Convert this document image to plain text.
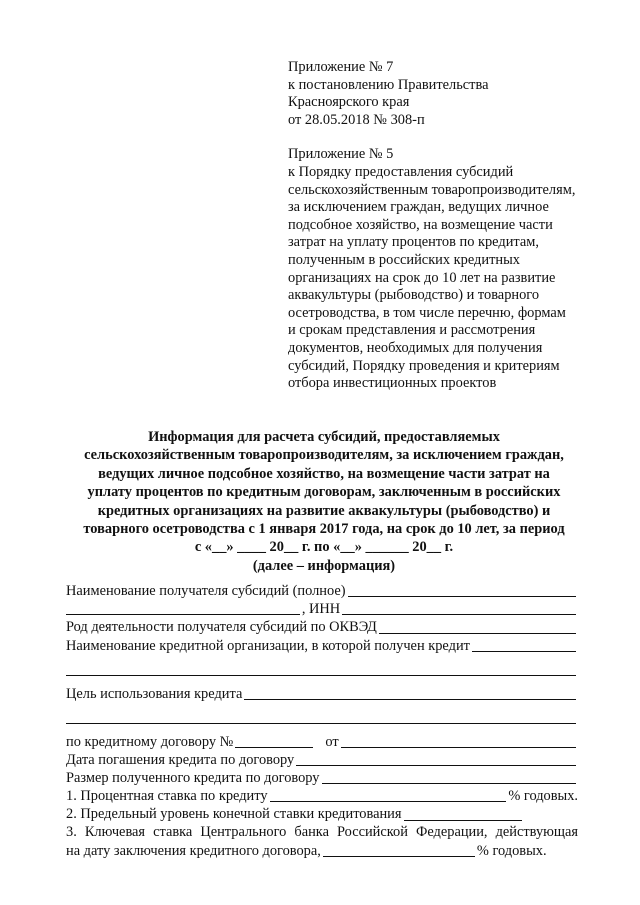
Приложение № 7
к постановлению Правительства
Красноярского края
от 28.05.2018 № 308-п
Приложение № 5
к Порядку предоставления субсидий
сельскохозяйственным товаропроизводителям,
за исключением граждан, ведущих личное
подсобное хозяйство, на возмещение части
затрат на уплату процентов по кредитам,
полученным в российских кредитных
организациях на срок до 10 лет на развитие
аквакультуры (рыбоводство) и товарного
осетроводства, в том числе перечню, формам
и срокам представления и рассмотрения
документов, необходимых для получения
субсидий, Порядку проведения и критериям
отбора инвестиционных проектов
Информация для расчета субсидий, предоставляемых
сельскохозяйственным товаропроизводителям, за исключением граждан,
ведущих личное подсобное хозяйство, на возмещение части затрат на
уплату процентов по кредитным договорам, заключенным в российских
кредитных организациях на развитие аквакультуры (рыбоводство) и
товарного осетроводства с 1 января 2017 года, на срок до 10 лет, за период
с «__» ____ 20__ г. по «__» ______ 20__ г.
(далее – информация)
Наименование получателя субсидий (полное)
, ИНН
Род деятельности получателя субсидий по ОКВЭД
Наименование кредитной организации, в которой получен кредит
Цель использования кредита
по кредитному договору №	от
Дата погашения кредита по договору
Размер полученного кредита по договору
1. Процентная ставка по кредиту	% годовых.
2. Предельный уровень конечной ставки кредитования
3. Ключевая ставка Центрального банка Российской Федерации, действующая
на дату заключения кредитного договора,	% годовых.
